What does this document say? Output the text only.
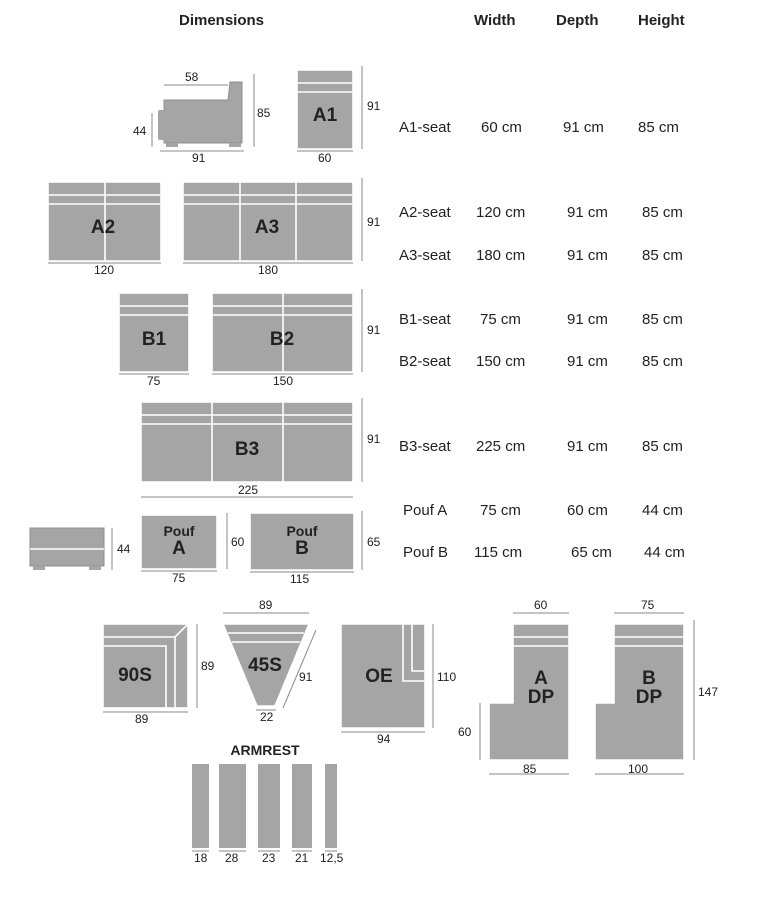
Dimensions	Width	Depth	Height
A1-seat 60 cm	91 cm 85 cm
A2-seat 120 cm	91 cm 85 cm
A3-seat 180 cm	91 cm 85 cm
B1-seat 75 cm	91 cm 85 cm
B2-seat 150 cm	91 cm 85 cm
B3-seat 225 cm	91 cm 85 cm
Pouf A 75 cm	60 cm 44 cm
Pouf B 115 cm	65 cm 44 cm
58
44
85
91
A1 91
60
A2
120
A3	91
180
B1
75
B2	91
150
B3	91
225
44
Pouf
A	60
75
Pouf
B	65
115
90S	89
89
45S
89
91
22
OE	110
94
A
DP
60
60
85
B
DP
75
147
100
ARMREST
18 28 23 21 12,5
